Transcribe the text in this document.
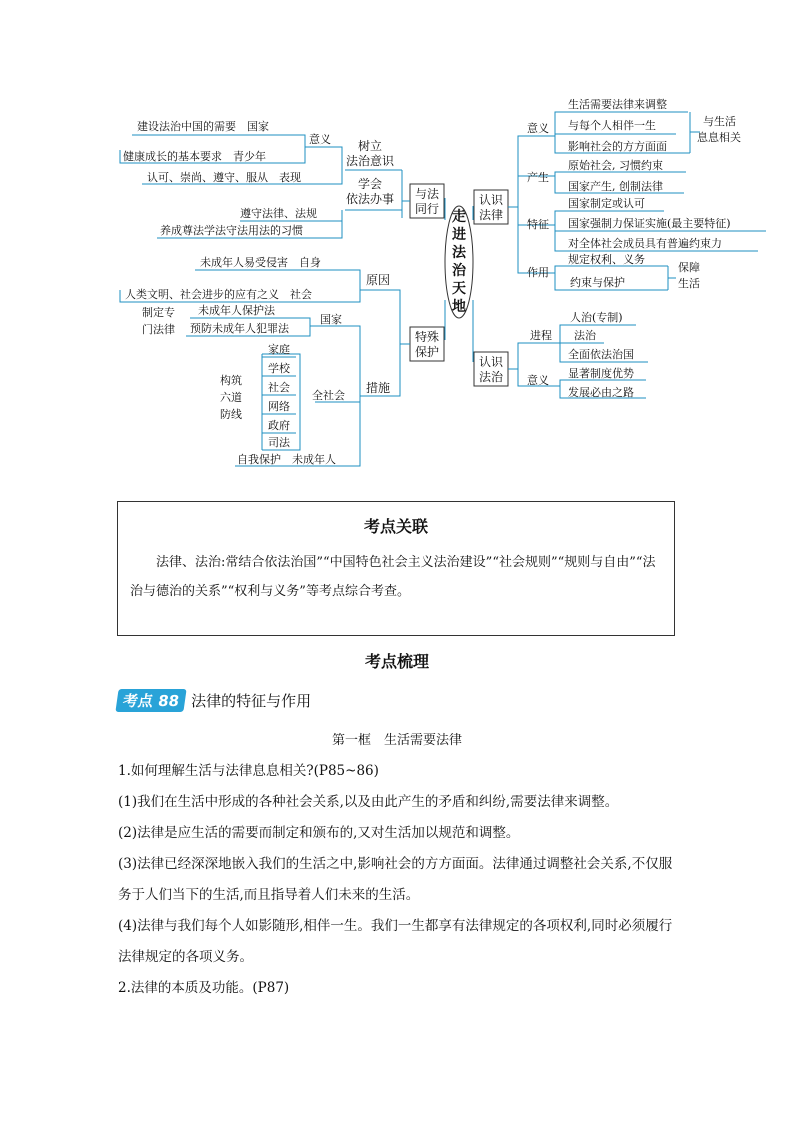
走
进
法
治
天
地
与法
同行
树立
法治意识
学会
依法办事
意义
建设法治中国的需要　国家
健康成长的基本要求　青少年
认可、崇尚、遵守、服从　表现
遵守法律、法规
养成尊法学法守法用法的习惯
特殊
保护
原因
措施
未成年人易受侵害　自身
人类文明、社会进步的应有之义　社会
国家
未成年人保护法
预防未成年人犯罪法
制定专
门法律
全社会
家庭
学校
社会
网络
政府
司法
构筑
六道
防线
自我保护　未成年人
认识
法律
意义
产生
特征
作用
生活需要法律来调整
与每个人相伴一生
影响社会的方方面面
与生活
息息相关
原始社会, 习惯约束
国家产生, 创制法律
国家制定或认可
国家强制力保证实施(最主要特征)
对全体社会成员具有普遍约束力
规定权利、义务
约束与保护
保障
生活
认识
法治
进程
意义
人治(专制)
法治
全面依法治国
显著制度优势
发展必由之路
考点关联
法律、法治:常结合依法治国”“中国特色社会主义法治建设”“社会规则”“规则与自由”“法治与德治的关系”“权利与义务”等考点综合考查。
考点梳理
考点 88 法律的特征与作用
第一框　生活需要法律
1.如何理解生活与法律息息相关?(P85~86)
(1)我们在生活中形成的各种社会关系,以及由此产生的矛盾和纠纷,需要法律来调整。
(2)法律是应生活的需要而制定和颁布的,又对生活加以规范和调整。
(3)法律已经深深地嵌入我们的生活之中,影响社会的方方面面。法律通过调整社会关系,不仅服务于人们当下的生活,而且指导着人们未来的生活。
(4)法律与我们每个人如影随形,相伴一生。我们一生都享有法律规定的各项权利,同时必须履行法律规定的各项义务。
2.法律的本质及功能。(P87)
